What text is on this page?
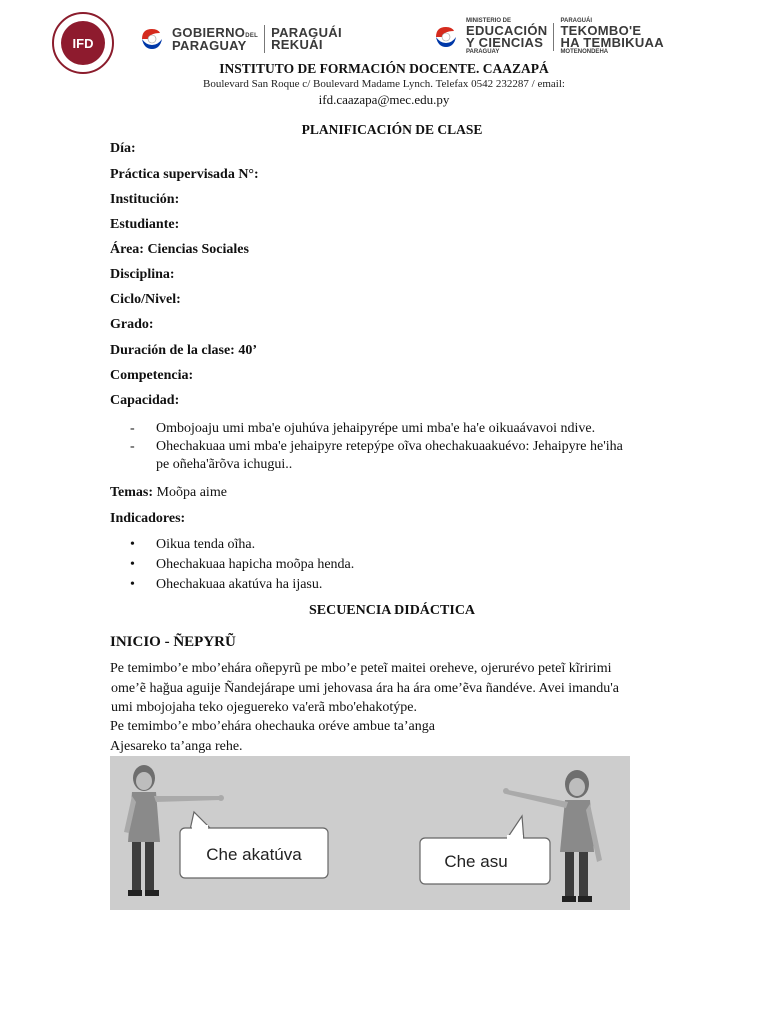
IFD
GOBIERNODEL
PARAGUAY
PARAGUÁI
REKUÁI
MINISTERIO DE
EDUCACIÓN
Y CIENCIAS
PARAGUAY
PARAGUÁI
TEKOMBO'E
HA TEMBIKUAA
MOTENONDEHA
INSTITUTO DE FORMACIÓN DOCENTE. CAAZAPÁ
Boulevard San Roque c/ Boulevard Madame Lynch. Telefax 0542 232287 / email:
ifd.caazapa@mec.edu.py
PLANIFICACIÓN DE CLASE
Día:
Práctica supervisada N°:
Institución:
Estudiante:
Área: Ciencias Sociales
Disciplina:
Ciclo/Nivel:
Grado:
Duración de la clase: 40’
Competencia:
Capacidad:
- Ombojoaju umi mba'e ojuhúva jehaipyrépe umi mba'e ha'e oikuaávavoi ndive.
- Ohechakuaa umi mba'e jehaipyre retepýpe oĩva ohechakuaakuévo: Jehaipyre he'iha
pe oñeha'ãrõva ichugui..
Temas: Moõpa aime
Indicadores:
• Oikua tenda oĩha.
• Ohechakuaa hapicha moõpa henda.
• Ohechakuaa akatúva ha ijasu.
SECUENCIA DIDÁCTICA
INICIO - ÑEPYRŨ
Pe temimbo’e mbo’ehára oñepyrũ pe mbo’e peteĩ maitei oreheve, ojerurévo peteĩ kĩririmi
ome’ẽ hağua aguije Ñandejárape umi jehovasa ára ha ára ome’ẽva ñandéve. Avei imandu'a
umi mbojojaha teko ojeguereko va'erã mbo'ehakotýpe.
Pe temimbo’e mbo’ehára ohechauka oréve ambue ta’anga
Ajesareko ta’anga rehe.
Che akatúva	Che asu
